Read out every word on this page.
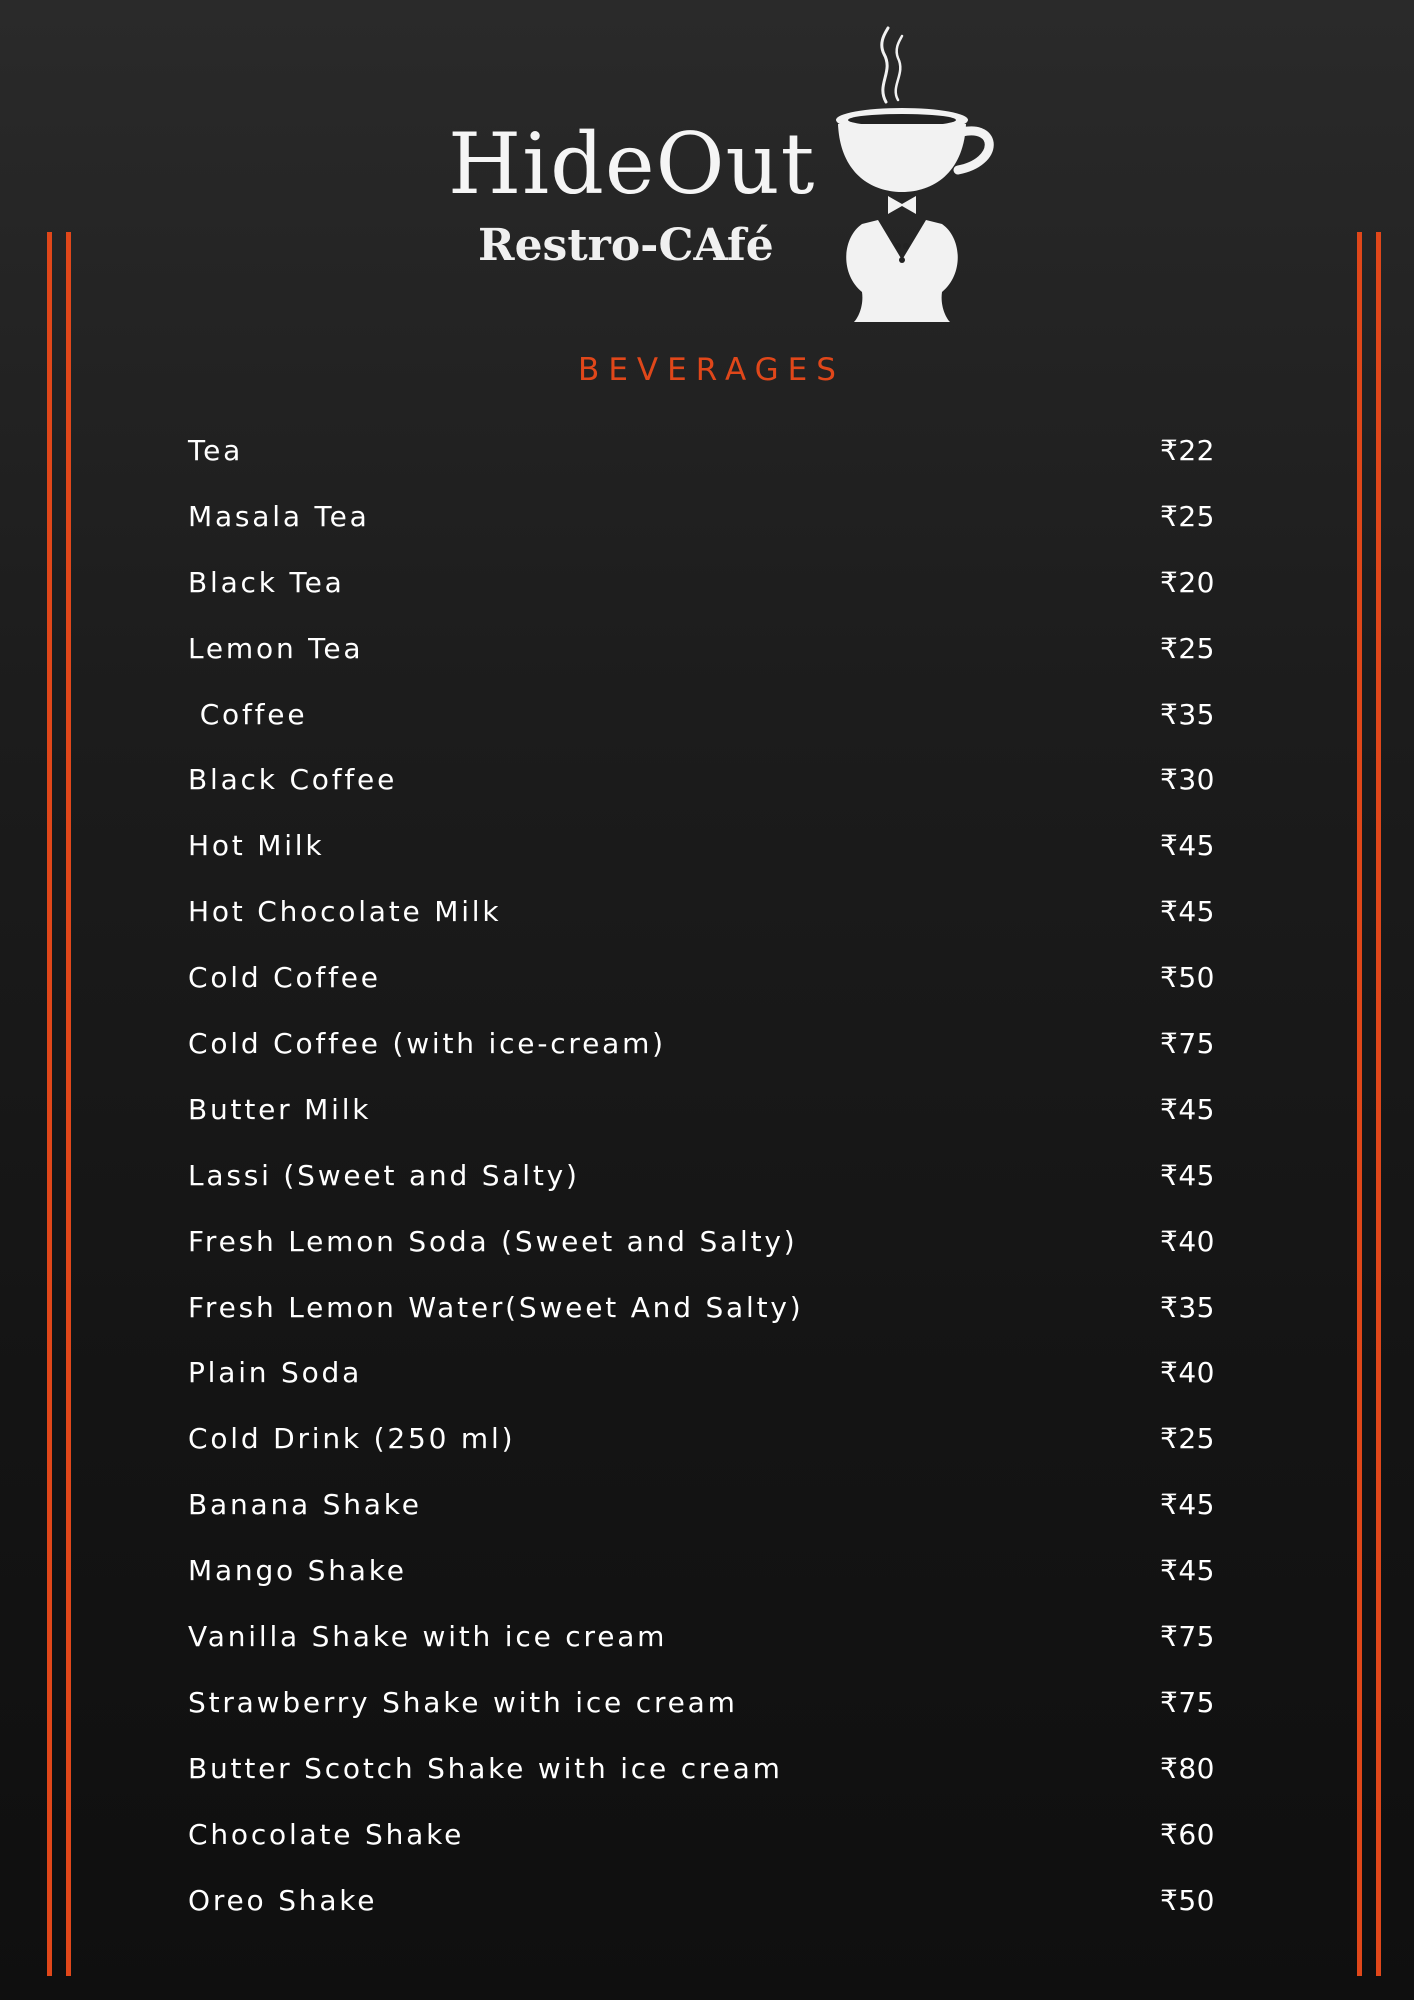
HideOut
Restro-CAfé
BEVERAGES
Tea	₹22
Masala Tea	₹25
Black Tea	₹20
Lemon Tea	₹25
Coffee	₹35
Black Coffee	₹30
Hot Milk	₹45
Hot Chocolate Milk	₹45
Cold Coffee	₹50
Cold Coffee (with ice-cream)	₹75
Butter Milk	₹45
Lassi (Sweet and Salty)	₹45
Fresh Lemon Soda (Sweet and Salty)	₹40
Fresh Lemon Water(Sweet And Salty)	₹35
Plain Soda	₹40
Cold Drink (250 ml)	₹25
Banana Shake	₹45
Mango Shake	₹45
Vanilla Shake with ice cream	₹75
Strawberry Shake with ice cream	₹75
Butter Scotch Shake with ice cream	₹80
Chocolate Shake	₹60
Oreo Shake	₹50
